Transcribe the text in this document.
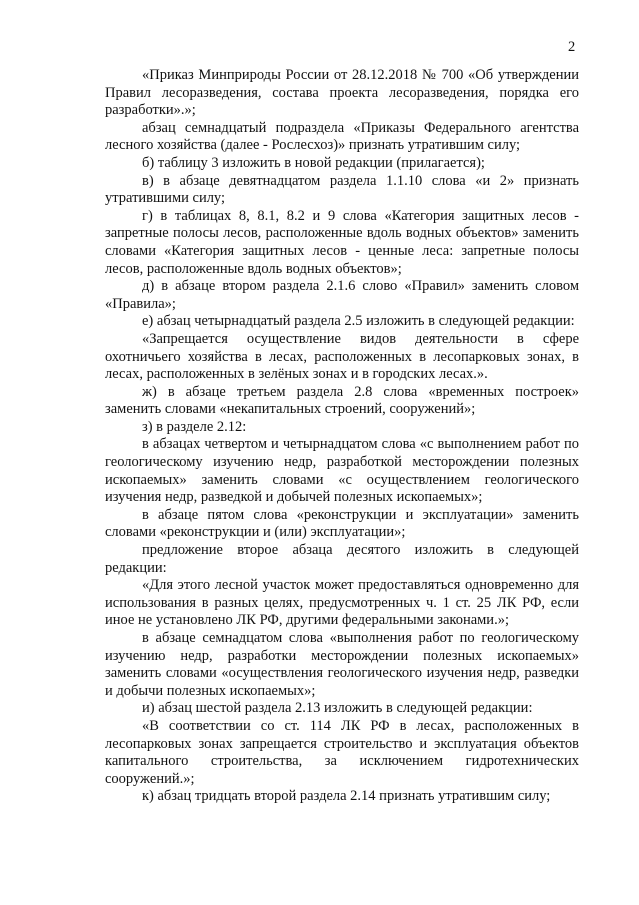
2

«Приказ Минприроды России от 28.12.2018 № 700 «Об утверждении Правил лесоразведения, состава проекта лесоразведения, порядка его разработки».»;

абзац семнадцатый подраздела «Приказы Федерального агентства лесного хозяйства (далее - Рослесхоз)» признать утратившим силу;

б) таблицу 3 изложить в новой редакции (прилагается);

в) в абзаце девятнадцатом раздела 1.1.10 слова «и 2» признать утратившими силу;

г) в таблицах 8, 8.1, 8.2 и 9 слова «Категория защитных лесов - запретные полосы лесов, расположенные вдоль водных объектов» заменить словами «Категория защитных лесов - ценные леса: запретные полосы лесов, расположенные вдоль водных объектов»;

д) в абзаце втором раздела 2.1.6 слово «Правил» заменить словом «Правила»;

е) абзац четырнадцатый раздела 2.5 изложить в следующей редакции:

«Запрещается осуществление видов деятельности в сфере охотничьего хозяйства в лесах, расположенных в лесопарковых зонах, в лесах, расположенных в зелёных зонах и в городских лесах.».

ж) в абзаце третьем раздела 2.8 слова «временных построек» заменить словами «некапитальных строений, сооружений»;

з) в разделе 2.12:

в абзацах четвертом и четырнадцатом слова «с выполнением работ по геологическому изучению недр, разработкой месторождении полезных ископаемых» заменить словами «с осуществлением геологического изучения недр, разведкой и добычей полезных ископаемых»;

в абзаце пятом слова «реконструкции и эксплуатации» заменить словами «реконструкции и (или) эксплуатации»;

предложение второе абзаца десятого изложить в следующей редакции:

«Для этого лесной участок может предоставляться одновременно для использования в разных целях, предусмотренных ч. 1 ст. 25 ЛК РФ, если иное не установлено ЛК РФ, другими федеральными законами.»;

в абзаце семнадцатом слова «выполнения работ по геологическому изучению недр, разработки месторождении полезных ископаемых» заменить словами «осуществления геологического изучения недр, разведки и добычи полезных ископаемых»;

и) абзац шестой раздела 2.13 изложить в следующей редакции:

«В соответствии со ст. 114 ЛК РФ в лесах, расположенных в лесопарковых зонах запрещается строительство и эксплуатация объектов капитального строительства, за исключением гидротехнических сооружений.»;

к) абзац тридцать второй раздела 2.14 признать утратившим силу;
